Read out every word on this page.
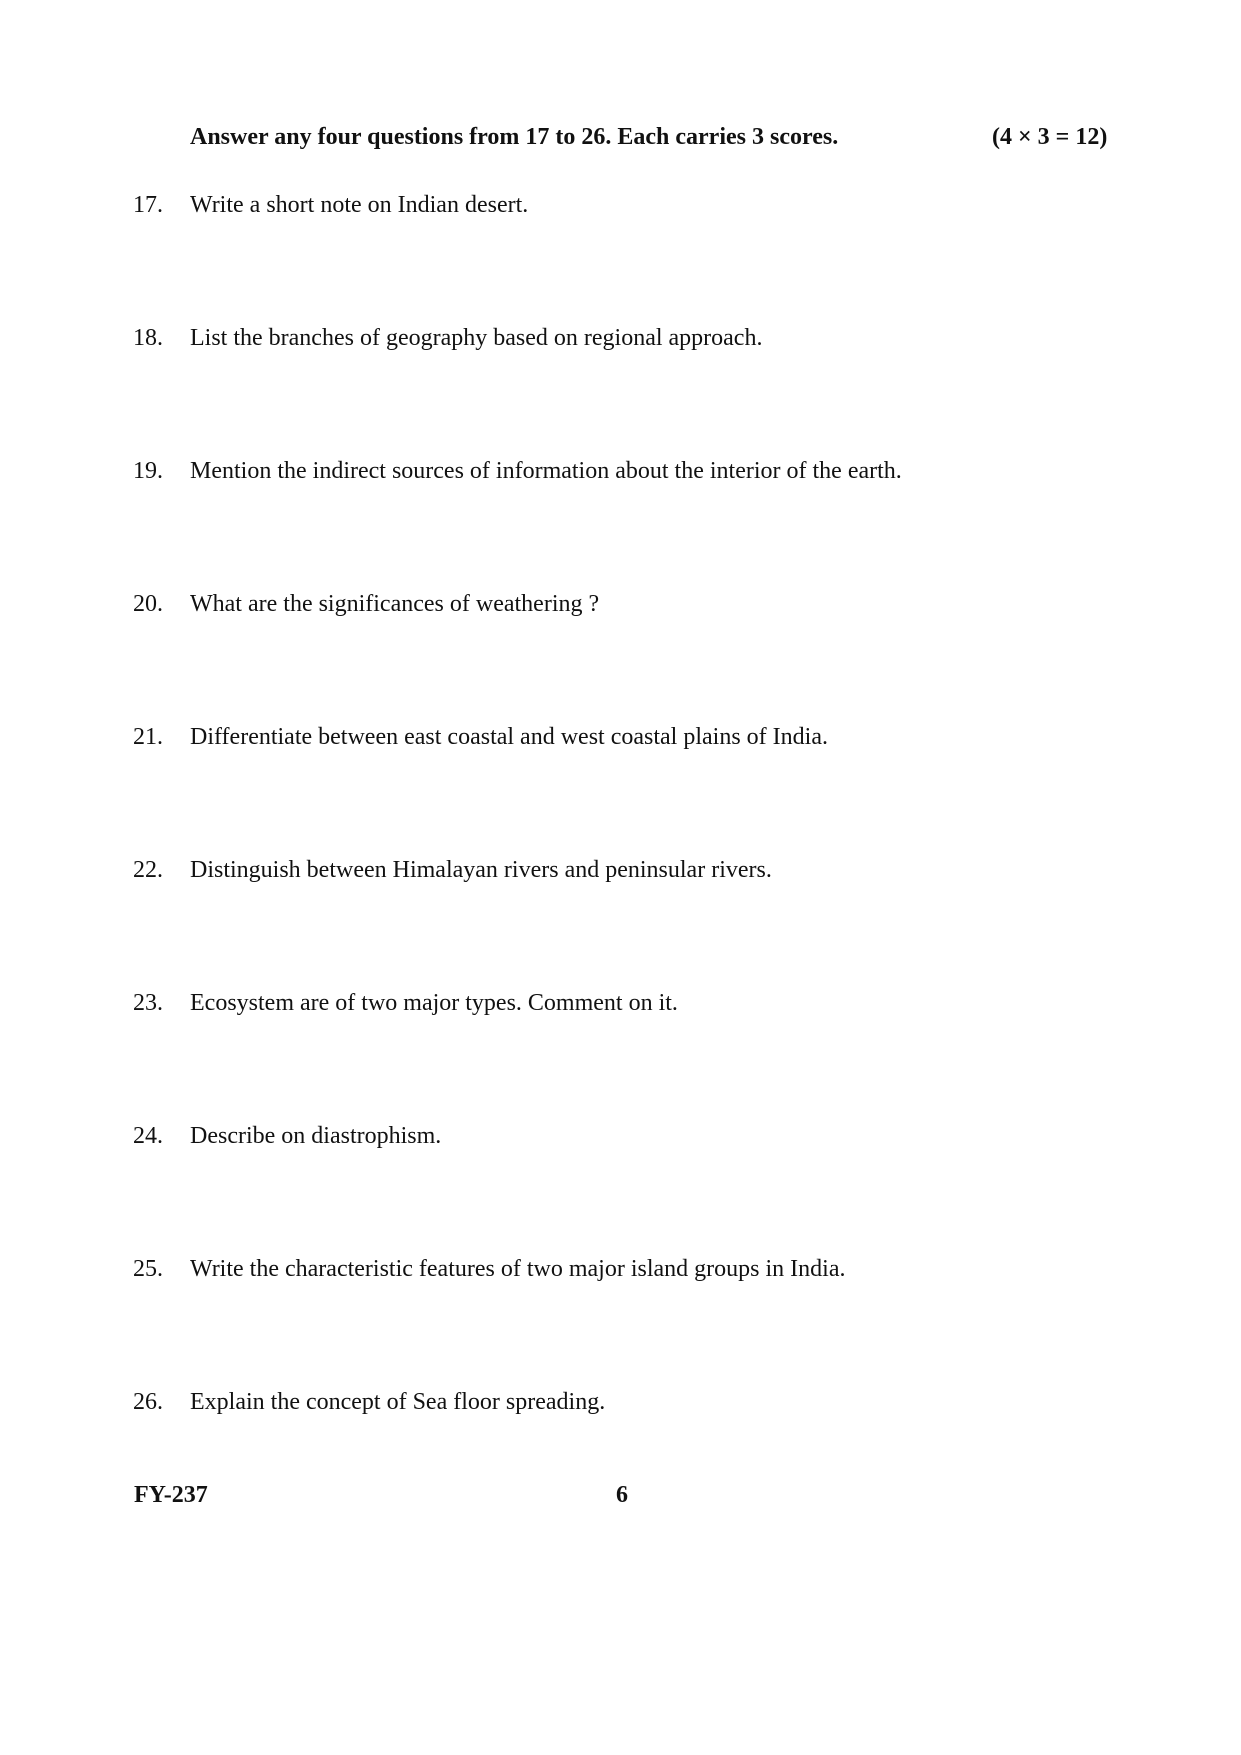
Answer any four questions from 17 to 26. Each carries 3 scores.	(4 × 3 = 12)
17.	Write a short note on Indian desert.
18.	List the branches of geography based on regional approach.
19.	Mention the indirect sources of information about the interior of the earth.
20.	What are the significances of weathering ?
21.	Differentiate between east coastal and west coastal plains of India.
22.	Distinguish between Himalayan rivers and peninsular rivers.
23.	Ecosystem are of two major types. Comment on it.
24.	Describe on diastrophism.
25.	Write the characteristic features of two major island groups in India.
26.	Explain the concept of Sea floor spreading.
FY-237	6
